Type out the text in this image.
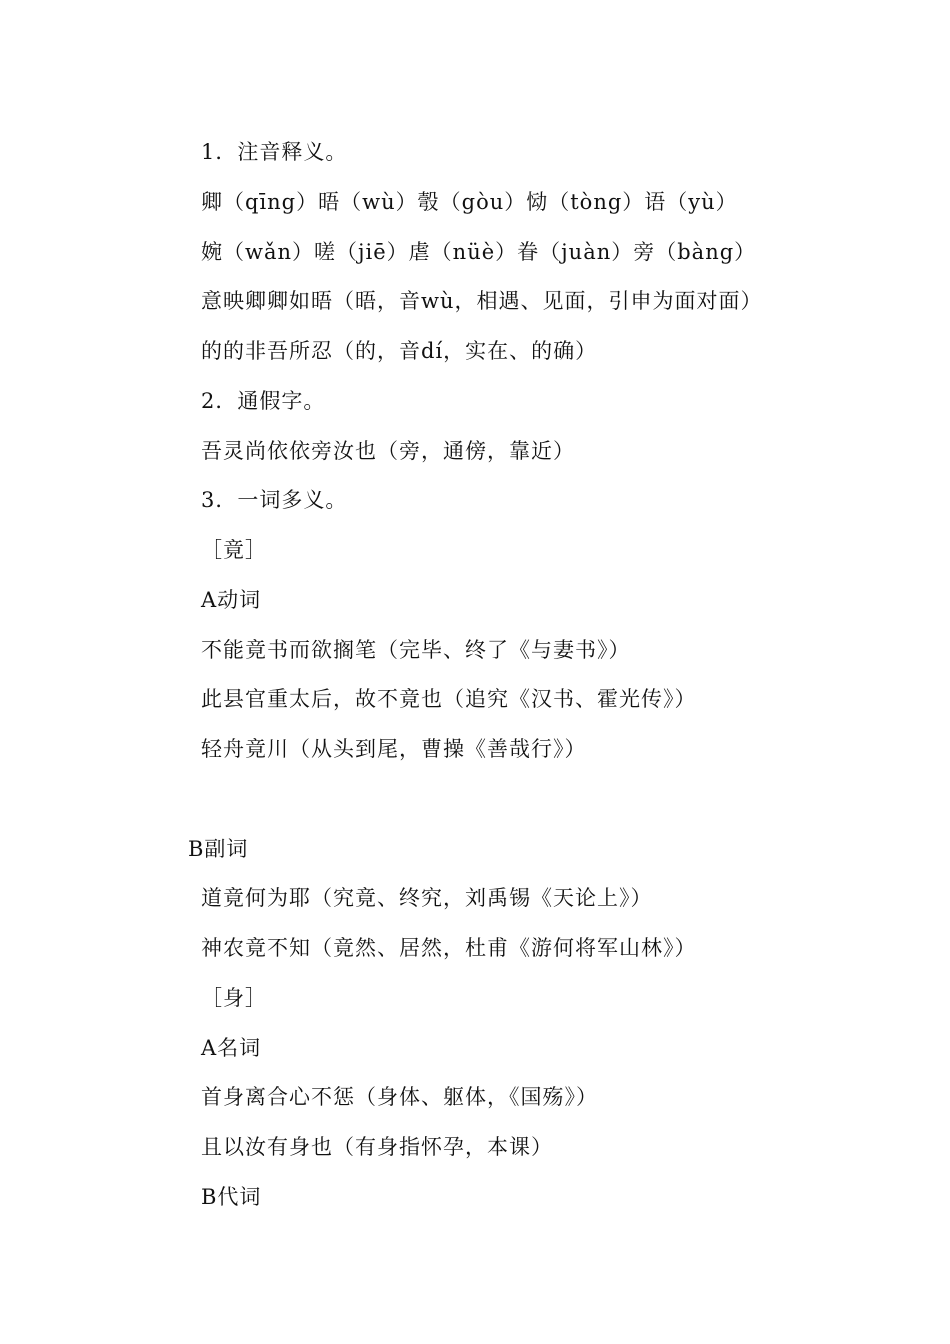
1．注音释义。
卿（qīng）晤（wù）彀（gòu）恸（tòng）语（yù）
婉（wǎn）嗟（jiē）虐（nüè）眷（juàn）旁（bàng）
意映卿卿如晤（晤，音wù，相遇、见面，引申为面对面）
的的非吾所忍（的，音dí，实在、的确）
2．通假字。
吾灵尚依依旁汝也（旁，通傍，靠近）
3．一词多义。
［竟］
A动词
不能竟书而欲搁笔（完毕、终了《与妻书》）
此县官重太后，故不竟也（追究《汉书、霍光传》）
轻舟竟川（从头到尾，曹操《善哉行》）
B副词
道竟何为耶（究竟、终究，刘禹锡《天论上》）
神农竟不知（竟然、居然，杜甫《游何将军山林》）
［身］
A名词
首身离合心不惩（身体、躯体，《国殇》）
且以汝有身也（有身指怀孕，本课）
B代词
